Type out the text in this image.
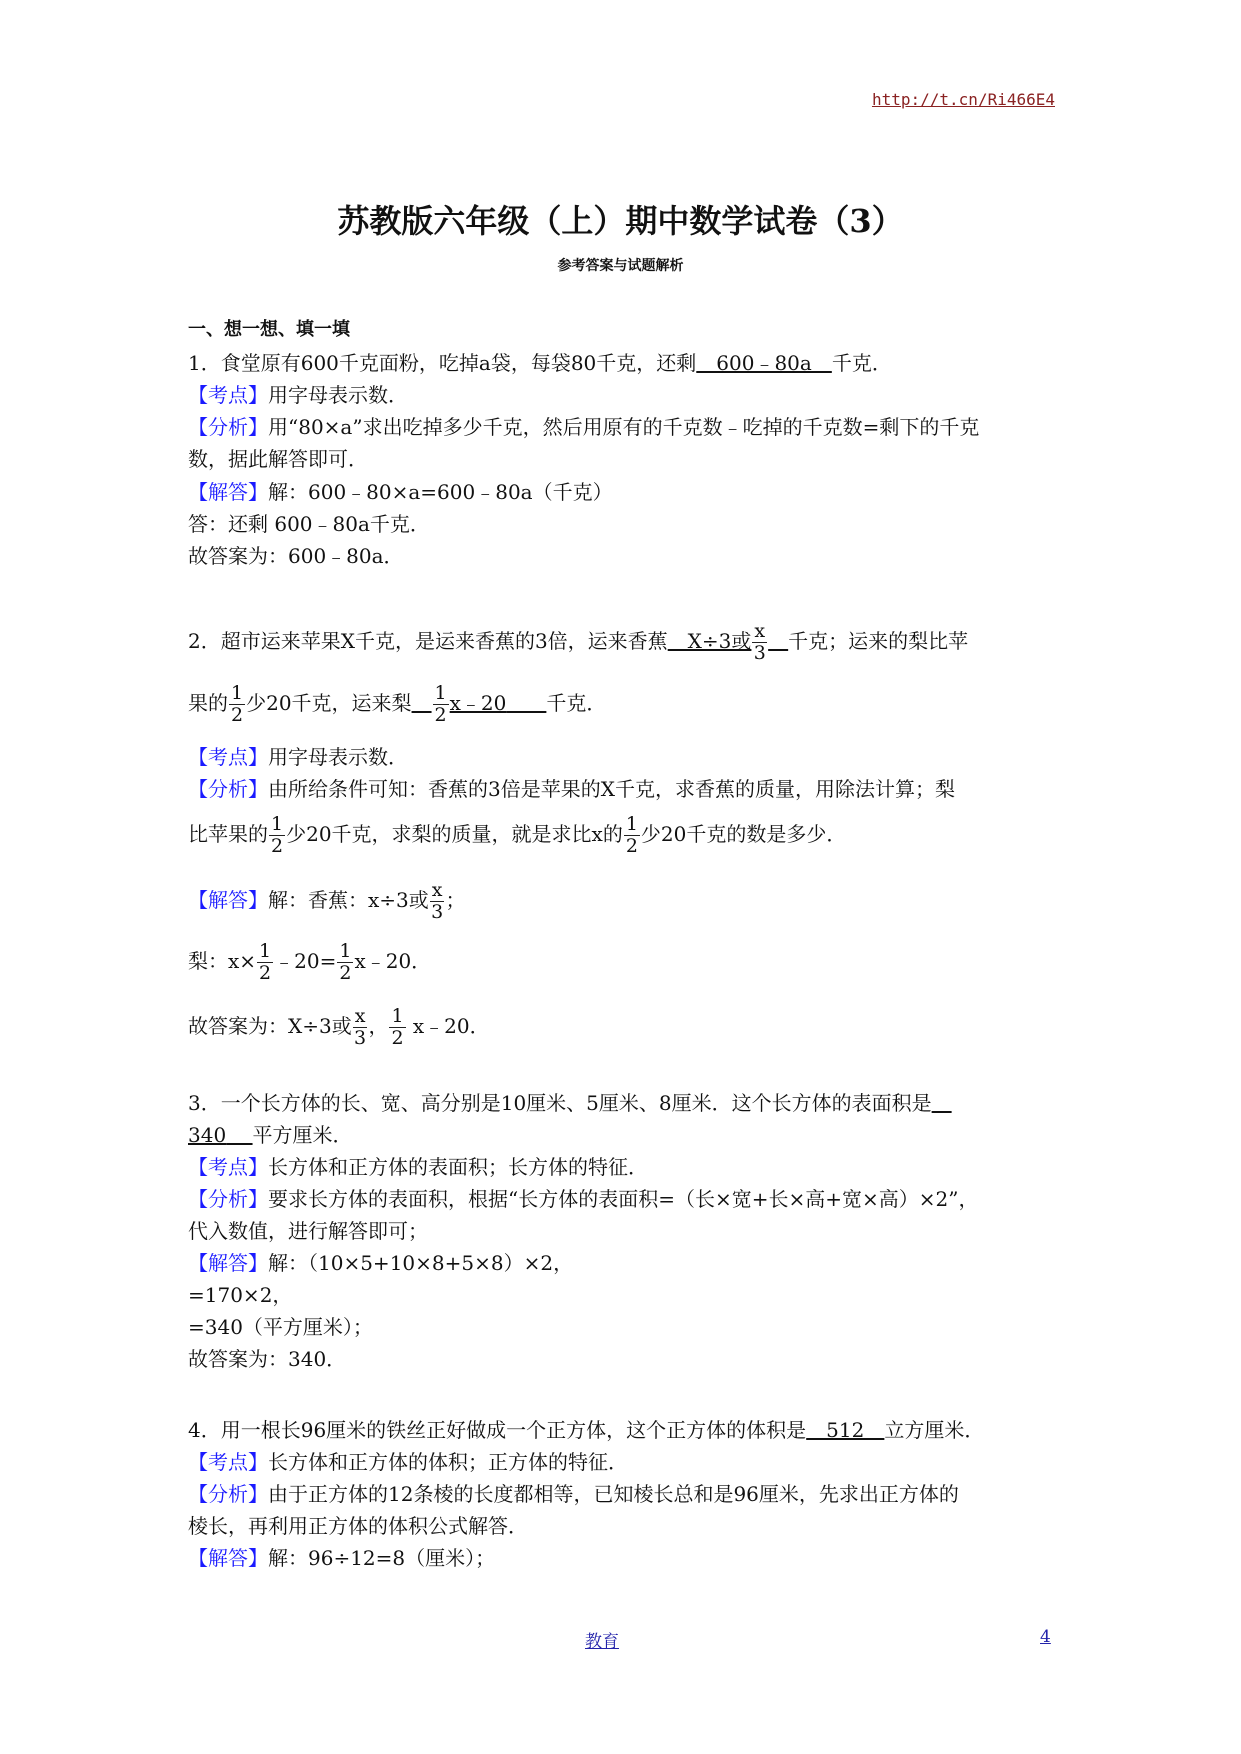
http://t.cn/Ri466E4
苏教版六年级（上）期中数学试卷（3）
参考答案与试题解析
一、想一想、填一填
1．食堂原有600千克面粉，吃掉a袋，每袋80千克，还剩　600﹣80a　千克．
【考点】用字母表示数．
【分析】用“80×a”求出吃掉多少千克，然后用原有的千克数﹣吃掉的千克数=剩下的千克
数，据此解答即可．
【解答】解：600﹣80×a=600﹣80a（千克）
答：还剩 600﹣80a千克．
故答案为：600﹣80a．
2．超市运来苹果X千克，是运来香蕉的3倍，运来香蕉　X÷3或 $\frac{x}{3}$
　 千克；运来的梨比苹
果的 $\frac{1}{2}$ 少20千克，运来梨　 $\frac{1}{2}$ x﹣20　　 千克．
【考点】用字母表示数．
【分析】由所给条件可知：香蕉的3倍是苹果的X千克，求香蕉的质量，用除法计算；梨
比苹果的 $\frac{1}{2}$ 少20千克，求梨的质量，就是求比x的 $\frac{1}{2}$ 少20千克的数是多少．
【解答】解：香蕉：x÷3或 $\frac{x}{3}$ ；
梨：$x\times \frac{1}{2}$ ﹣20= $\frac{1}{2}$ x﹣20．
故答案为：X÷3或 $\frac{x}{3}$ ， $\frac{1}{2}$ x﹣20．
3．一个长方体的长、宽、高分别是10厘米、5厘米、8厘米．这个长方体的表面积是　
340　 平方厘米．
【考点】长方体和正方体的表面积；长方体的特征．
【分析】要求长方体的表面积，根据“长方体的表面积=（长×宽+长×高+宽×高）×2”，
代入数值，进行解答即可；
【解答】解：（10×5+10×8+5×8）×2，
=170×2，
=340（平方厘米）；
故答案为：340．
4．用一根长96厘米的铁丝正好做成一个正方体，这个正方体的体积是　512　立方厘米．
【考点】长方体和正方体的体积；正方体的特征．
【分析】由于正方体的12条棱的长度都相等，已知棱长总和是96厘米，先求出正方体的
棱长，再利用正方体的体积公式解答．
【解答】解：96÷12=8（厘米）；
教育	4
